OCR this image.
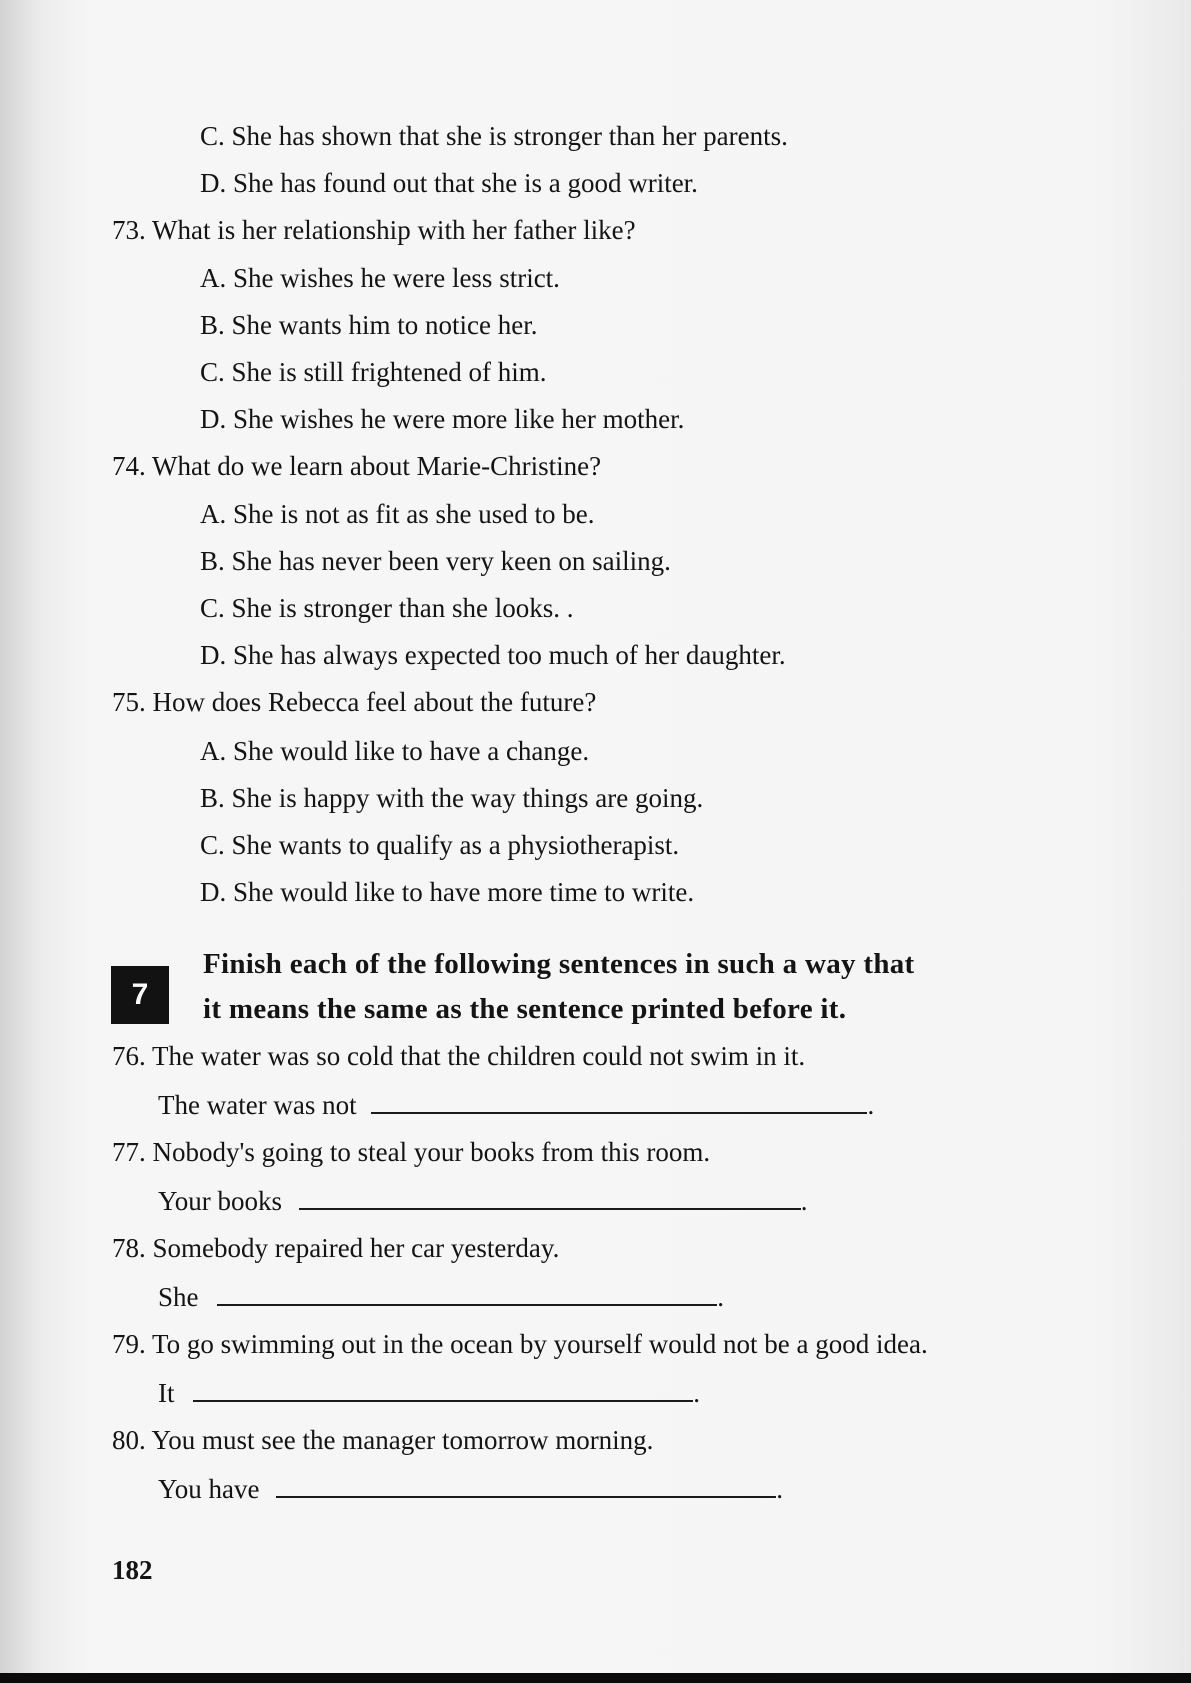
C. She has shown that she is stronger than her parents.
D. She has found out that she is a good writer.
73. What is her relationship with her father like?
A. She wishes he were less strict.
B. She wants him to notice her.
C. She is still frightened of him.
D. She wishes he were more like her mother.
74. What do we learn about Marie-Christine?
A. She is not as fit as she used to be.
B. She has never been very keen on sailing.
C. She is stronger than she looks. .
D. She has always expected too much of her daughter.
75. How does Rebecca feel about the future?
A. She would like to have a change.
B. She is happy with the way things are going.
C. She wants to qualify as a physiotherapist.
D. She would like to have more time to write.
7
Finish each of the following sentences in such a way that
it means the same as the sentence printed before it.
76. The water was so cold that the children could not swim in it.
The water was not	.
77. Nobody's going to steal your books from this room.
Your books	.
78. Somebody repaired her car yesterday.
She	.
79. To go swimming out in the ocean by yourself would not be a good idea.
It	.
80. You must see the manager tomorrow morning.
You have	.
182
